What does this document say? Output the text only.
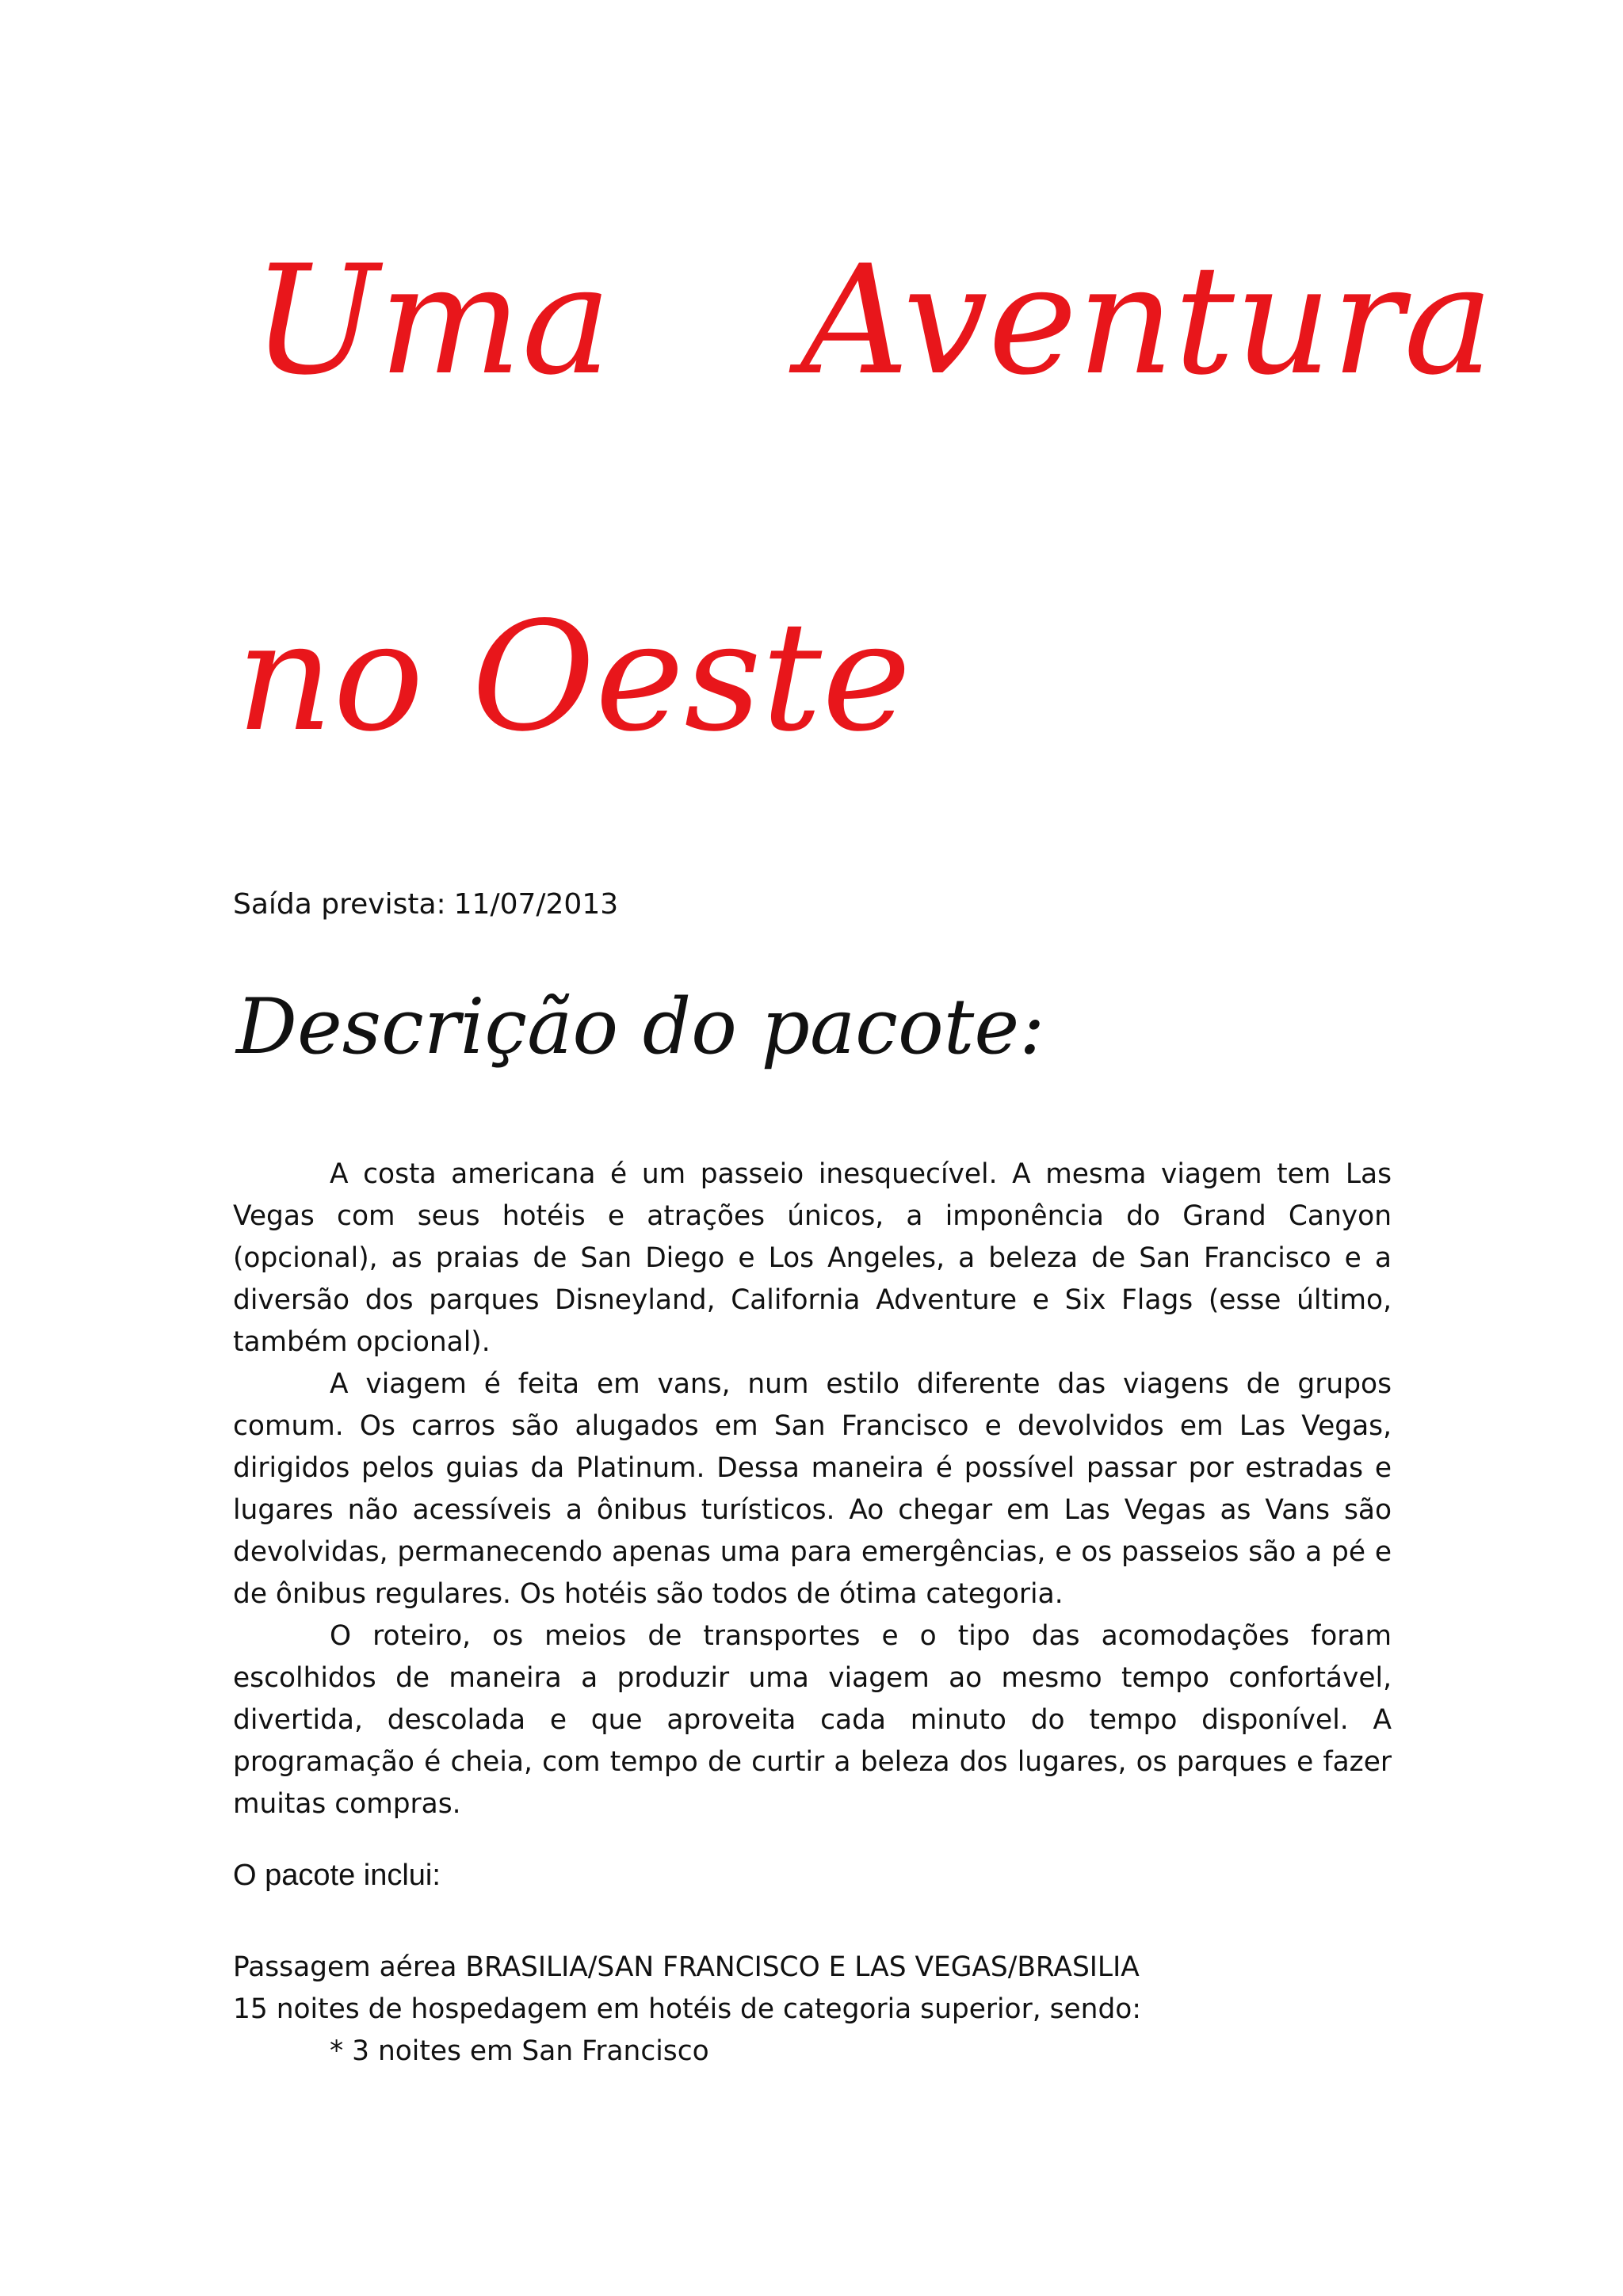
Uma Aventura
no Oeste

Saída prevista: 11/07/2013

Descrição do pacote:

A costa americana é um passeio inesquecível. A mesma viagem tem Las Vegas com seus hotéis e atrações únicos, a imponência do Grand Canyon (opcional), as praias de San Diego e Los Angeles, a beleza de San Francisco e a diversão dos parques Disneyland, California Adventure e Six Flags (esse último, também opcional).

A viagem é feita em vans, num estilo diferente das viagens de grupos comum. Os carros são alugados em San Francisco e devolvidos em Las Vegas, dirigidos pelos guias da Platinum. Dessa maneira é possível passar por estradas e lugares não acessíveis a ônibus turísticos. Ao chegar em Las Vegas as Vans são devolvidas, permanecendo apenas uma para emergências, e os passeios são a pé e de ônibus regulares. Os hotéis são todos de ótima categoria.

O roteiro, os meios de transportes e o tipo das acomodações foram escolhidos de maneira a produzir uma viagem ao mesmo tempo confortável, divertida, descolada e que aproveita cada minuto do tempo disponível. A programação é cheia, com tempo de curtir a beleza dos lugares, os parques e fazer muitas compras.

O pacote inclui:

Passagem aérea BRASILIA/SAN FRANCISCO E LAS VEGAS/BRASILIA

15 noites de hospedagem em hotéis de categoria superior, sendo:

* 3 noites em San Francisco
